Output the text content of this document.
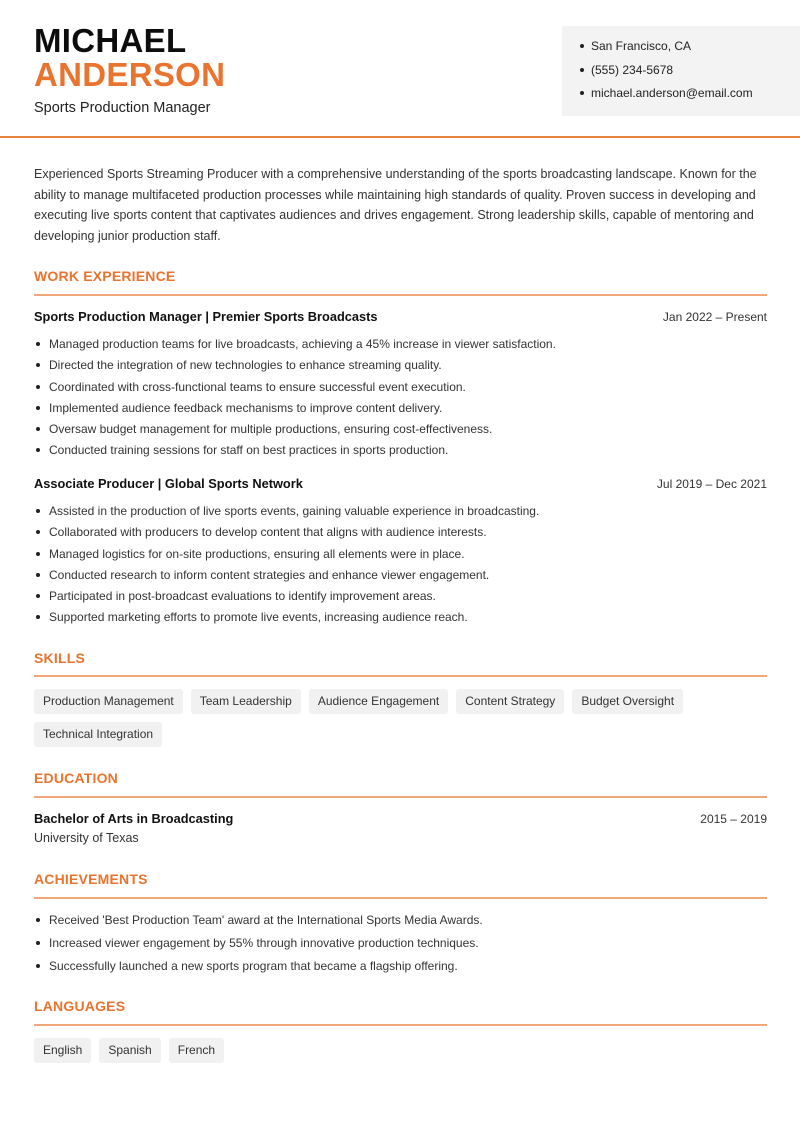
MICHAEL
ANDERSON
Sports Production Manager
San Francisco, CA
(555) 234-5678
michael.anderson@email.com

Experienced Sports Streaming Producer with a comprehensive understanding of the sports broadcasting landscape. Known for the ability to manage multifaceted production processes while maintaining high standards of quality. Proven success in developing and executing live sports content that captivates audiences and drives engagement. Strong leadership skills, capable of mentoring and developing junior production staff.

WORK EXPERIENCE
Sports Production Manager | Premier Sports Broadcasts	Jan 2022 – Present
Managed production teams for live broadcasts, achieving a 45% increase in viewer satisfaction.
Directed the integration of new technologies to enhance streaming quality.
Coordinated with cross-functional teams to ensure successful event execution.
Implemented audience feedback mechanisms to improve content delivery.
Oversaw budget management for multiple productions, ensuring cost-effectiveness.
Conducted training sessions for staff on best practices in sports production.
Associate Producer | Global Sports Network	Jul 2019 – Dec 2021
Assisted in the production of live sports events, gaining valuable experience in broadcasting.
Collaborated with producers to develop content that aligns with audience interests.
Managed logistics for on-site productions, ensuring all elements were in place.
Conducted research to inform content strategies and enhance viewer engagement.
Participated in post-broadcast evaluations to identify improvement areas.
Supported marketing efforts to promote live events, increasing audience reach.
SKILLS
Production Management	Team Leadership	Audience Engagement	Content Strategy	Budget Oversight
Technical Integration
EDUCATION
Bachelor of Arts in Broadcasting	2015 – 2019
University of Texas
ACHIEVEMENTS
Received 'Best Production Team' award at the International Sports Media Awards.
Increased viewer engagement by 55% through innovative production techniques.
Successfully launched a new sports program that became a flagship offering.
LANGUAGES
English	Spanish	French
